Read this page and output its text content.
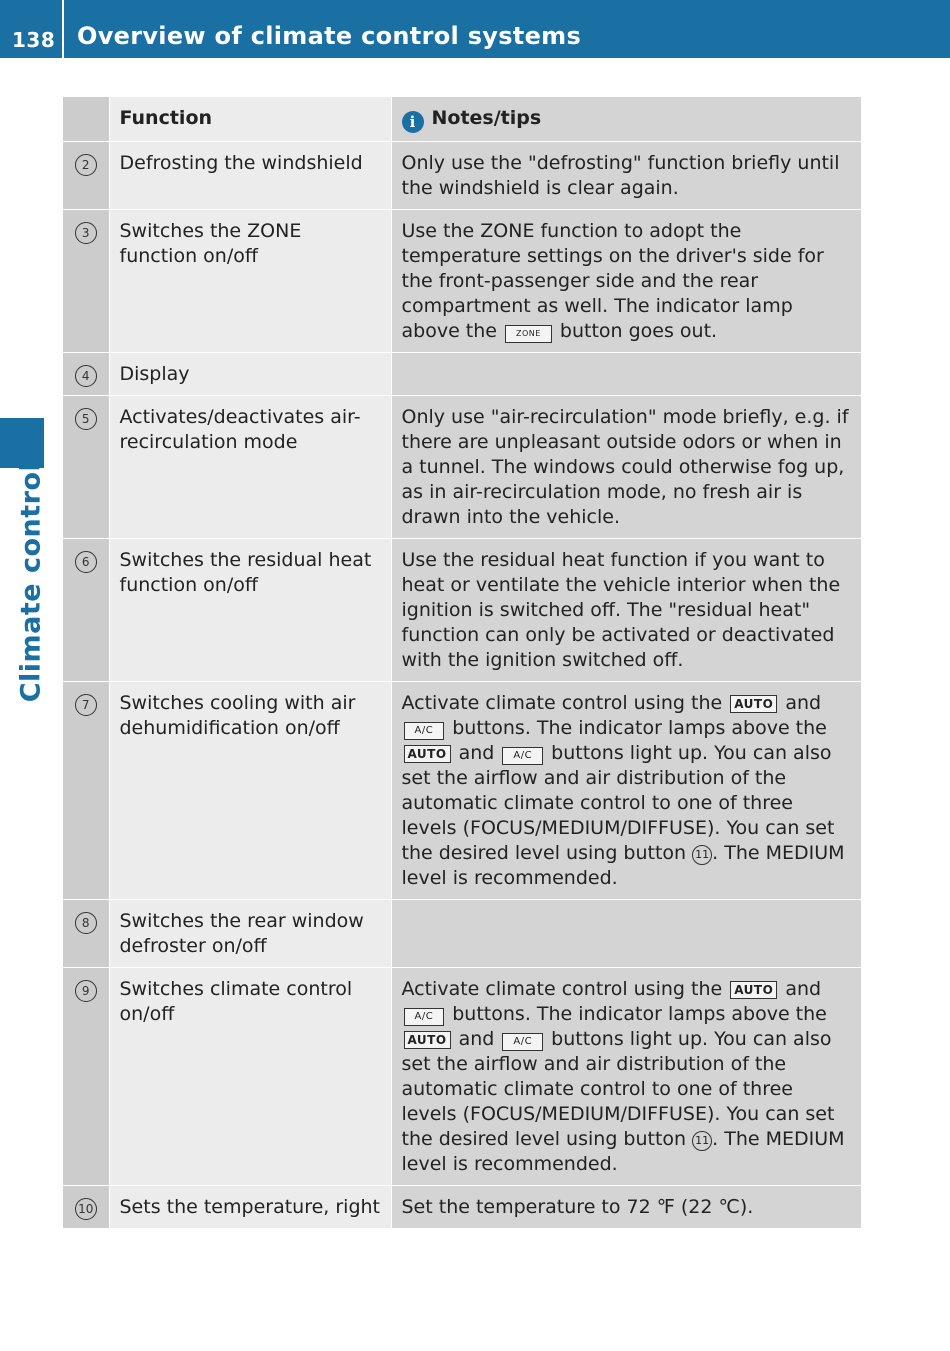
138 Overview of climate control systems
Climate control
	Function	i Notes/tips
2	Defrosting the windshield	Only use the "defrosting" function briefly until the windshield is clear again.
3	Switches the ZONE function on/off	Use the ZONE function to adopt the temperature settings on the driver's side for the front-passenger side and the rear compartment as well. The indicator lamp above the ZONE button goes out.
4	Display	
5	Activates/deactivates air-recirculation mode	Only use "air-recirculation" mode briefly, e.g. if there are unpleasant outside odors or when in a tunnel. The windows could otherwise fog up, as in air-recirculation mode, no fresh air is drawn into the vehicle.
6	Switches the residual heat function on/off	Use the residual heat function if you want to heat or ventilate the vehicle interior when the ignition is switched off. The "residual heat" function can only be activated or deactivated with the ignition switched off.
7	Switches cooling with air dehumidification on/off	Activate climate control using the AUTO and A/C buttons. The indicator lamps above the AUTO and A/C buttons light up. You can also set the airflow and air distribution of the automatic climate control to one of three levels (FOCUS/MEDIUM/DIFFUSE). You can set the desired level using button 11 . The MEDIUM level is recommended.
8	Switches the rear window defroster on/off	
9	Switches climate control on/off	Activate climate control using the AUTO and A/C buttons. The indicator lamps above the AUTO and A/C buttons light up. You can also set the airflow and air distribution of the automatic climate control to one of three levels (FOCUS/MEDIUM/DIFFUSE). You can set the desired level using button 11 . The MEDIUM level is recommended.
10	Sets the temperature, right	Set the temperature to 72 ℉ (22 ℃).
